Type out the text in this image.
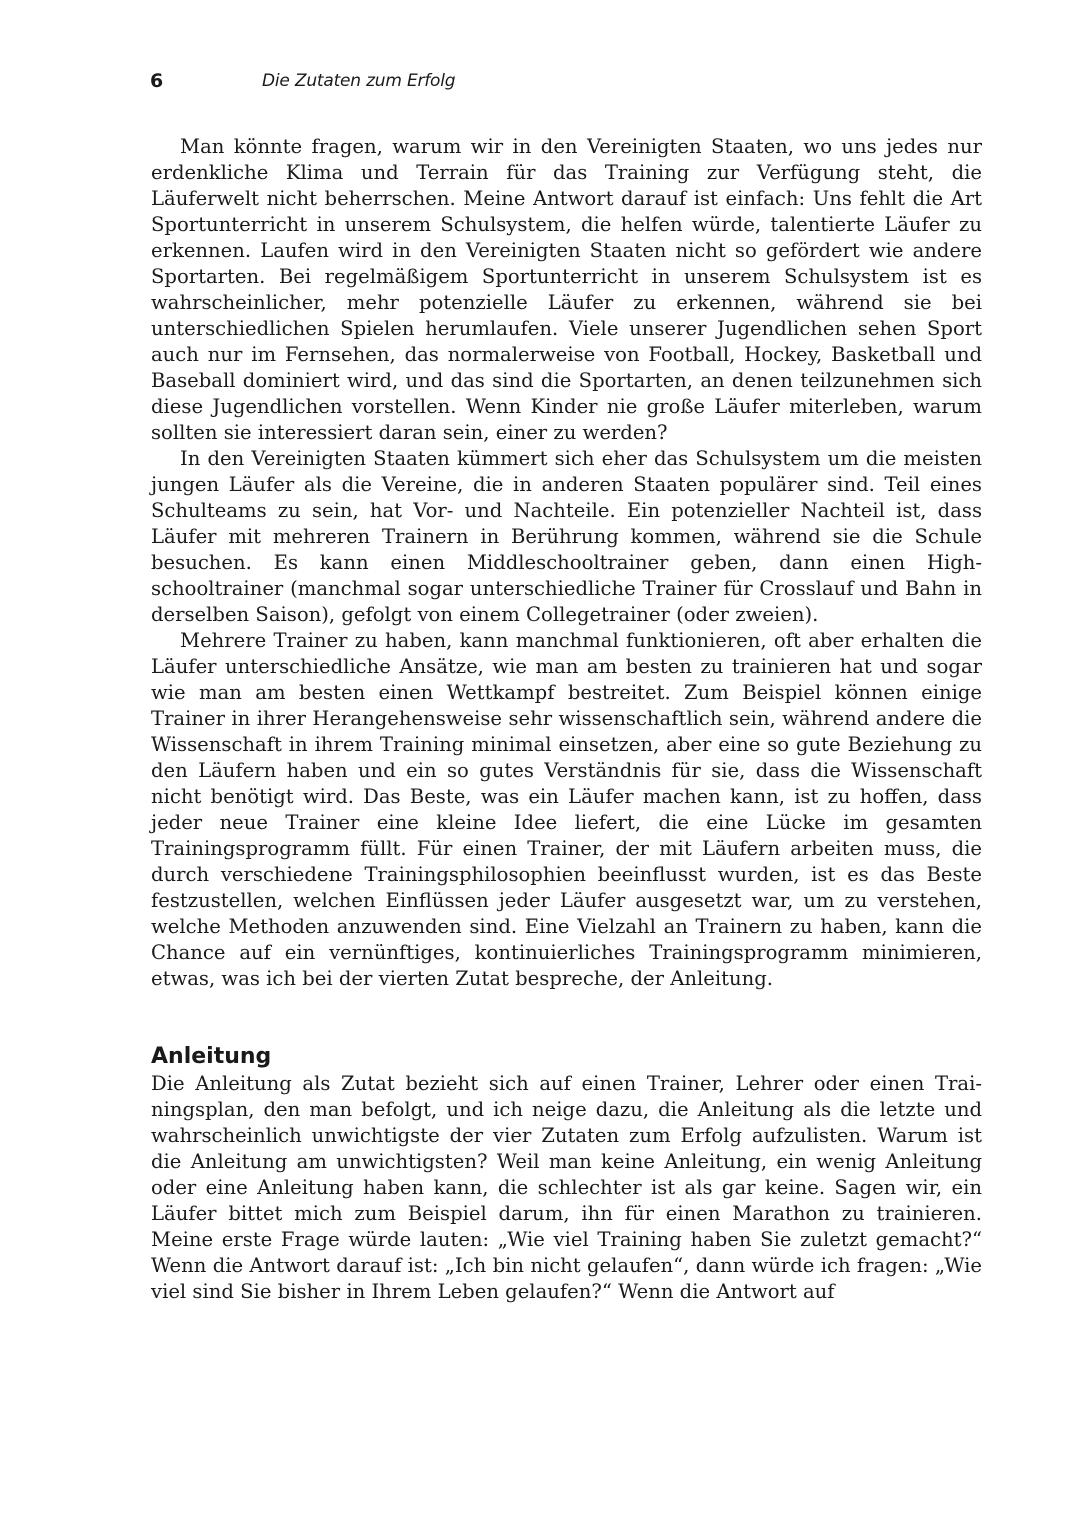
6	Die Zutaten zum Erfolg

Man könnte fragen, warum wir in den Vereinigten Staaten, wo uns jedes nur erdenkliche Klima und Terrain für das Training zur Verfügung steht, die Läuferwelt nicht beherrschen. Meine Antwort darauf ist einfach: Uns fehlt die Art Sportunterricht in unserem Schulsystem, die helfen würde, talentierte Läufer zu erkennen. Laufen wird in den Vereinigten Staaten nicht so gefördert wie andere Sportarten. Bei regelmäßigem Sportunterricht in unserem Schulsystem ist es wahrscheinlicher, mehr potenzielle Läufer zu erkennen, während sie bei unterschiedlichen Spielen herumlaufen. Viele unserer Jugendlichen sehen Sport auch nur im Fernsehen, das normalerweise von Football, Hockey, Basketball und Baseball dominiert wird, und das sind die Sportarten, an denen teilzunehmen sich diese Jugendlichen vorstellen. Wenn Kinder nie große Läufer miterleben, warum sollten sie interessiert daran sein, einer zu werden?

In den Vereinigten Staaten kümmert sich eher das Schulsystem um die meisten jungen Läufer als die Vereine, die in anderen Staaten populärer sind. Teil eines Schulteams zu sein, hat Vor- und Nachteile. Ein potenzieller Nachteil ist, dass Läufer mit mehreren Trainern in Berührung kommen, während sie die Schule besuchen. Es kann einen Middleschooltrainer geben, dann einen Highschooltrainer (manchmal sogar unterschiedliche Trainer für Crosslauf und Bahn in derselben Saison), gefolgt von einem Collegetrainer (oder zweien).

Mehrere Trainer zu haben, kann manchmal funktionieren, oft aber erhalten die Läufer unterschiedliche Ansätze, wie man am besten zu trainieren hat und sogar wie man am besten einen Wettkampf bestreitet. Zum Beispiel können einige Trainer in ihrer Herangehensweise sehr wissenschaftlich sein, während andere die Wissenschaft in ihrem Training minimal einsetzen, aber eine so gute Beziehung zu den Läufern haben und ein so gutes Verständnis für sie, dass die Wissenschaft nicht benötigt wird. Das Beste, was ein Läufer machen kann, ist zu hoffen, dass jeder neue Trainer eine kleine Idee liefert, die eine Lücke im gesamten Trainingsprogramm füllt. Für einen Trainer, der mit Läufern arbeiten muss, die durch verschiedene Trainingsphilosophien beeinflusst wurden, ist es das Beste festzustellen, welchen Einflüssen jeder Läufer ausgesetzt war, um zu verstehen, welche Methoden anzuwenden sind. Eine Vielzahl an Trainern zu haben, kann die Chance auf ein vernünftiges, kontinuierliches Trainingsprogramm minimieren, etwas, was ich bei der vierten Zutat bespreche, der Anleitung.

Anleitung

Die Anleitung als Zutat bezieht sich auf einen Trainer, Lehrer oder einen Trainingsplan, den man befolgt, und ich neige dazu, die Anleitung als die letzte und wahrscheinlich unwichtigste der vier Zutaten zum Erfolg aufzulisten. Warum ist die Anleitung am unwichtigsten? Weil man keine Anleitung, ein wenig Anleitung oder eine Anleitung haben kann, die schlechter ist als gar keine. Sagen wir, ein Läufer bittet mich zum Beispiel darum, ihn für einen Marathon zu trainieren. Meine erste Frage würde lauten: „Wie viel Training haben Sie zuletzt gemacht?“ Wenn die Antwort darauf ist: „Ich bin nicht gelaufen“, dann würde ich fragen: „Wie viel sind Sie bisher in Ihrem Leben gelaufen?“ Wenn die Antwort auf
